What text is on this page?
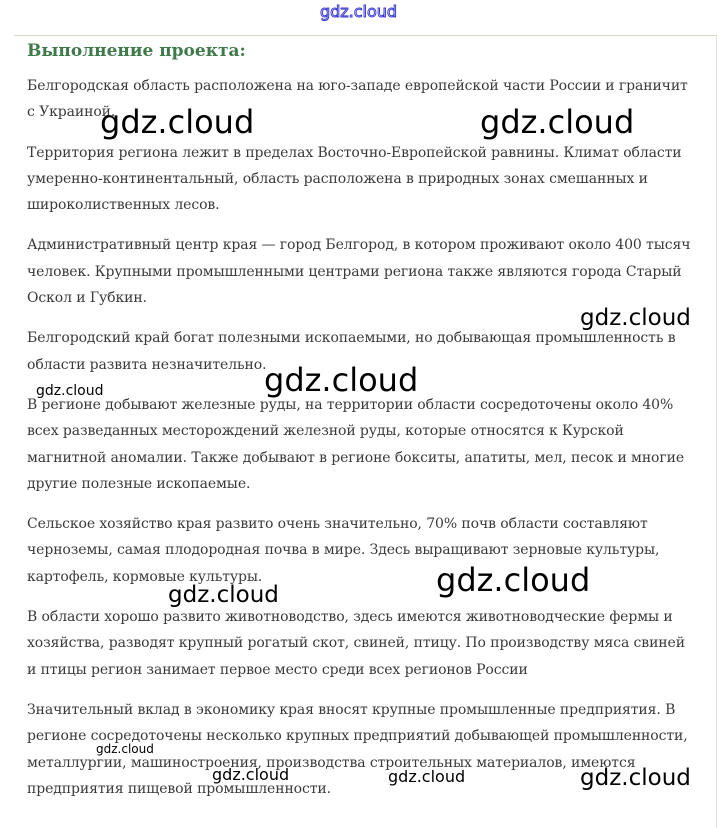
gdz.cloud
Выполнение проекта:

Белгородская область расположена на юго-западе европейской части России и граничит с Украиной.

Территория региона лежит в пределах Восточно-Европейской равнины. Климат области умеренно-континентальный, область расположена в природных зонах смешанных и широколиственных лесов.

Административный центр края — город Белгород, в котором проживают около 400 тысяч человек. Крупными промышленными центрами региона также являются города Старый Оскол и Губкин.

Белгородский край богат полезными ископаемыми, но добывающая промышленность в области развита незначительно.

В регионе добывают железные руды, на территории области сосредоточены около 40% всех разведанных месторождений железной руды, которые относятся к Курской магнитной аномалии. Также добывают в регионе бокситы, апатиты, мел, песок и многие другие полезные ископаемые.

Сельское хозяйство края развито очень значительно, 70% почв области составляют черноземы, самая плодородная почва в мире. Здесь выращивают зерновые культуры, картофель, кормовые культуры.

В области хорошо развито животноводство, здесь имеются животноводческие фермы и хозяйства, разводят крупный рогатый скот, свиней, птицу. По производству мяса свиней и птицы регион занимает первое место среди всех регионов России

Значительный вклад в экономику края вносят крупные промышленные предприятия. В регионе сосредоточены несколько крупных предприятий добывающей промышленности, металлургии, машиностроения, производства строительных материалов, имеются предприятия пищевой промышленности.

gdz.cloud	gdz.cloud
gdz.cloud
gdz.cloud
gdz.cloud
gdz.cloud
gdz.cloud
gdz.cloud
gdz.cloud	gdz.cloud	gdz.cloud
